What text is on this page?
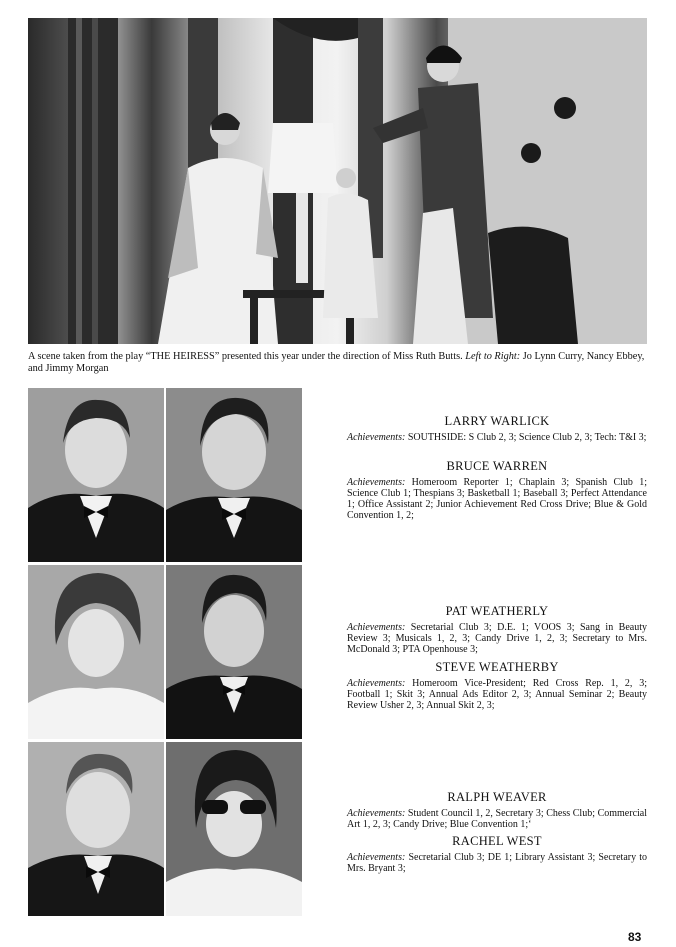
A scene taken from the play “THE HEIRESS” presented this year under the direction of Miss Ruth Butts. Left to Right: Jo Lynn Curry, Nancy Ebbey, and Jimmy Morgan
LARRY WARLICK
Achievements: SOUTHSIDE: S Club 2, 3; Science Club 2, 3; Tech: T&I 3;
BRUCE WARREN
Achievements: Homeroom Reporter 1; Chaplain 3; Spanish Club 1; Science Club 1; Thespians 3; Basketball 1; Baseball 3; Perfect Attendance 1; Office Assistant 2; Junior Achievement Red Cross Drive; Blue & Gold Convention 1, 2;
PAT WEATHERLY
Achievements: Secretarial Club 3; D.E. 1; VOOS 3; Sang in Beauty Review 3; Musicals 1, 2, 3; Candy Drive 1, 2, 3; Secretary to Mrs. McDonald 3; PTA Openhouse 3;
STEVE WEATHERBY
Achievements: Homeroom Vice-President; Red Cross Rep. 1, 2, 3; Football 1; Skit 3; Annual Ads Editor 2, 3; Annual Seminar 2; Beauty Review Usher 2, 3; Annual Skit 2, 3;
RALPH WEAVER
Achievements: Student Council 1, 2, Secretary 3; Chess Club; Commercial Art 1, 2, 3; Candy Drive; Blue Convention 1;‘
RACHEL WEST
Achievements: Secretarial Club 3; DE 1; Library Assistant 3; Secretary to Mrs. Bryant 3;
83
